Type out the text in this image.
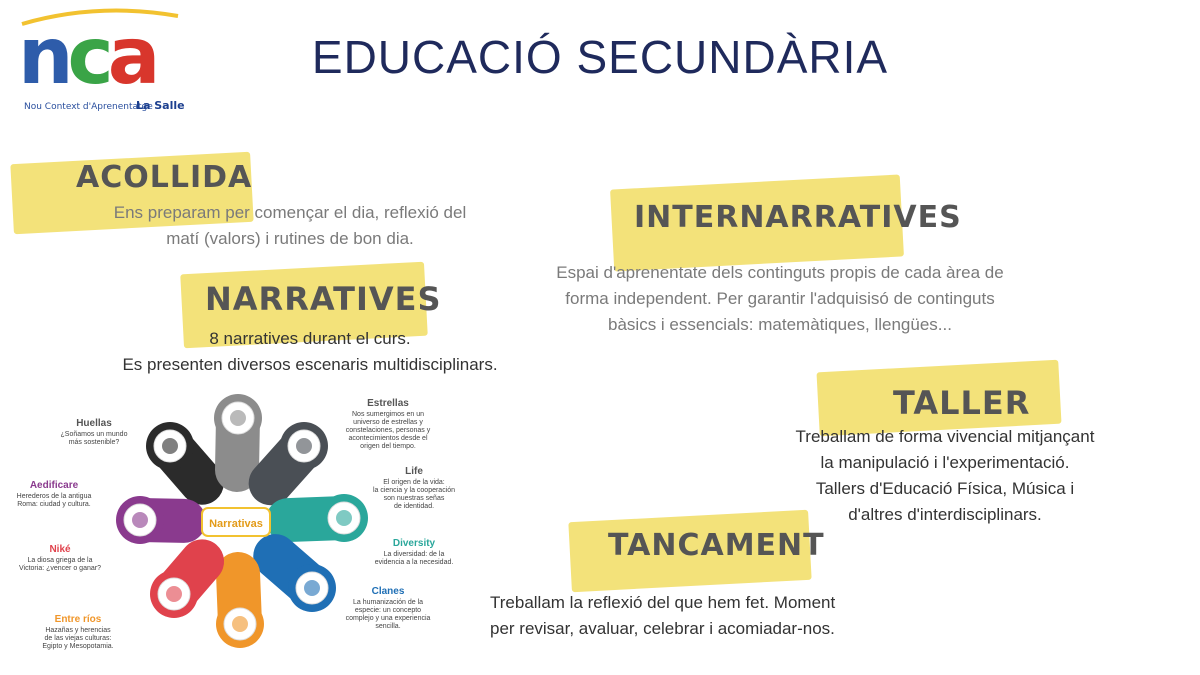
nca
Nou Context d'Aprenentatge
La Salle
EDUCACIÓ SECUNDÀRIA
ACOLLIDA
Ens preparam per començar el dia, reflexió del
matí (valors) i rutines de bon dia.
NARRATIVES
8 narratives durant el curs.
Es presenten diversos escenaris multidisciplinars.
INTERNARRATIVES
Espai d'aprenentate dels continguts propis de cada àrea de
forma independent. Per garantir l'adquisisó de continguts
bàsics i essencials: matemàtiques, llengües...
TALLER
Treballam de forma vivencial mitjançant
la manipulació i l'experimentació.
Tallers d'Educació Física, Música i
d'altres d'interdisciplinars.
TANCAMENT
Treballam la reflexió del que hem fet. Moment
per revisar, avaluar, celebrar i acomiadar-nos.
Narrativas
Huellas
¿Soñamos un mundo
más sostenible?
Estrellas
Nos sumergimos en un
universo de estrellas y
constelaciones, personas y
acontecimientos desde el
origen del tiempo.
Life
El origen de la vida:
la ciencia y la cooperación
son nuestras señas
de identidad.
Diversity
La diversidad: de la
evidencia a la necesidad.
Clanes
La humanización de la
especie: un concepto
complejo y una experiencia
sencilla.
Entre ríos
Hazañas y herencias
de las viejas culturas:
Egipto y Mesopotamia.
Niké
La diosa griega de la
Victoria: ¿vencer o ganar?
Aedificare
Herederos de la antigua
Roma: ciudad y cultura.
